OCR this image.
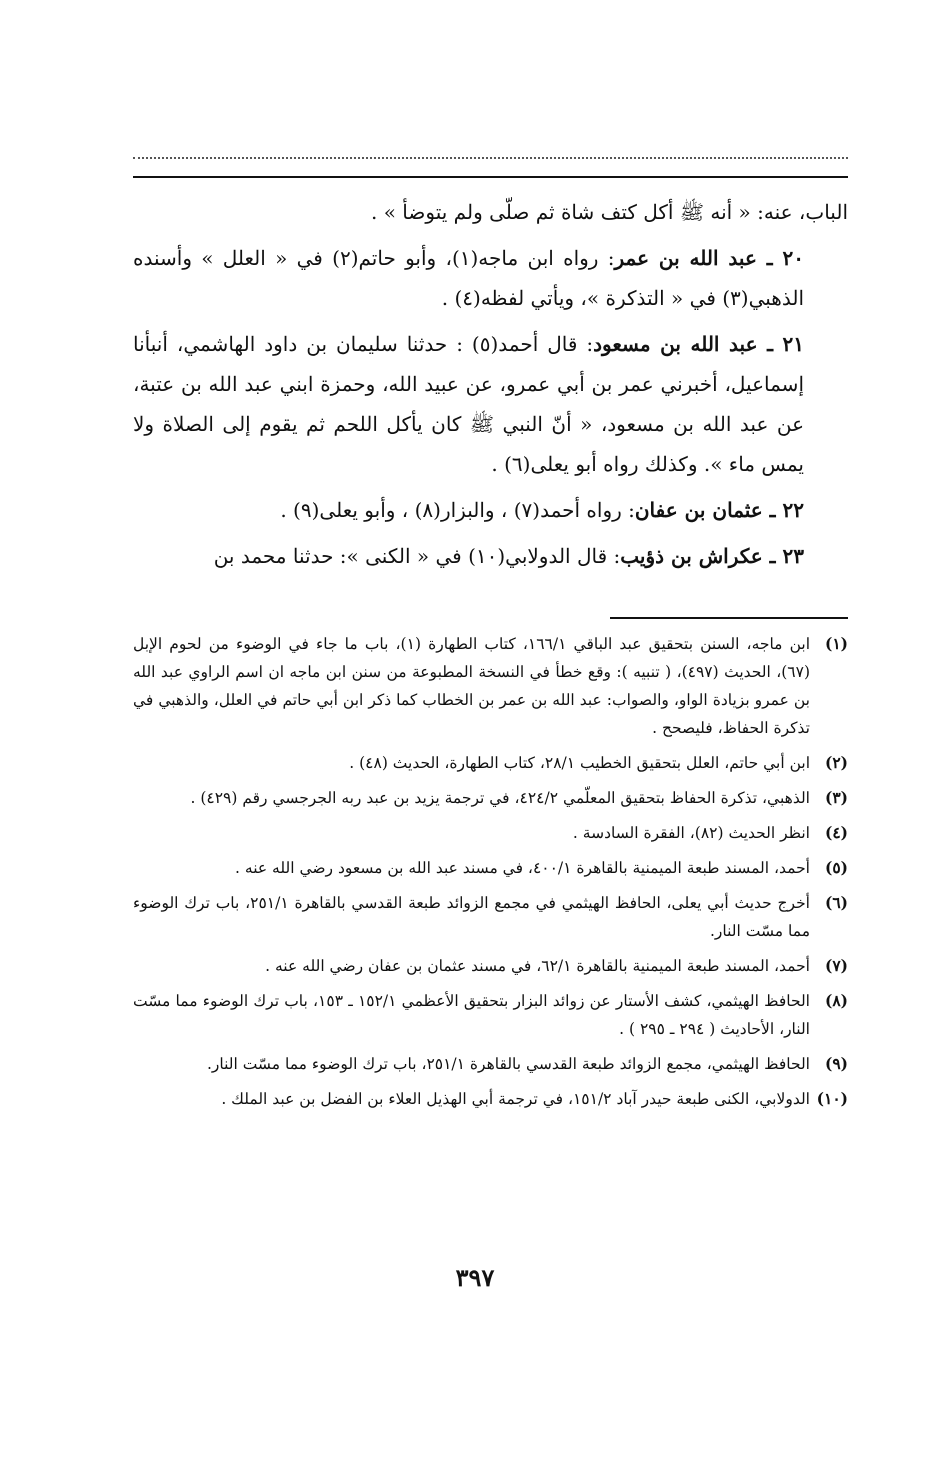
الباب، عنه: « أنه ﷺ أكل كتف شاة ثم صلّى ولم يتوضأ » .

٢٠ ـ عبد الله بن عمر: رواه ابن ماجه(١)، وأبو حاتم(٢) في « العلل » وأسنده الذهبي(٣) في « التذكرة »، ويأتي لفظه(٤) .

٢١ ـ عبد الله بن مسعود: قال أحمد(٥) : حدثنا سليمان بن داود الهاشمي، أنبأنا إسماعيل، أخبرني عمر بن أبي عمرو، عن عبيد الله، وحمزة ابني عبد الله بن عتبة، عن عبد الله بن مسعود، « أنّ النبي ﷺ كان يأكل اللحم ثم يقوم إلى الصلاة ولا يمس ماء ». وكذلك رواه أبو يعلى(٦) .

٢٢ ـ عثمان بن عفان: رواه أحمد(٧) ، والبزار(٨) ، وأبو يعلى(٩) .

٢٣ ـ عكراش بن ذؤيب: قال الدولابي(١٠) في « الكنى »: حدثنا محمد بن

(١)
ابن ماجه، السنن بتحقيق عبد الباقي ١٦٦/١، كتاب الطهارة (١)، باب ما جاء في الوضوء من لحوم الإبل (٦٧)، الحديث (٤٩٧)، ( تنبيه ): وقع خطأ في النسخة المطبوعة من سنن ابن ماجه ان اسم الراوي عبد الله بن عمرو بزيادة الواو، والصواب: عبد الله بن عمر بن الخطاب كما ذكر ابن أبي حاتم في العلل، والذهبي في تذكرة الحفاظ، فليصحح .
(٢)
ابن أبي حاتم، العلل بتحقيق الخطيب ٢٨/١، كتاب الطهارة، الحديث (٤٨) .
(٣)
الذهبي، تذكرة الحفاظ بتحقيق المعلّمي ٤٢٤/٢، في ترجمة يزيد بن عبد ربه الجرجسي رقم (٤٢٩) .
(٤)
انظر الحديث (٨٢)، الفقرة السادسة .
(٥)
أحمد، المسند طبعة الميمنية بالقاهرة ٤٠٠/١، في مسند عبد الله بن مسعود رضي الله عنه .
(٦)
أخرج حديث أبي يعلى، الحافظ الهيثمي في مجمع الزوائد طبعة القدسي بالقاهرة ٢٥١/١، باب ترك الوضوء مما مسّت النار.
(٧)
أحمد، المسند طبعة الميمنية بالقاهرة ٦٢/١، في مسند عثمان بن عفان رضي الله عنه .
(٨)
الحافظ الهيثمي، كشف الأستار عن زوائد البزار بتحقيق الأعظمي ١٥٢/١ ـ ١٥٣، باب ترك الوضوء مما مسّت النار، الأحاديث ( ٢٩٤ ـ ٢٩٥ ) .
(٩)
الحافظ الهيثمي، مجمع الزوائد طبعة القدسي بالقاهرة ٢٥١/١، باب ترك الوضوء مما مسّت النار.
(١٠)
الدولابي، الكنى طبعة حيدر آباد ١٥١/٢، في ترجمة أبي الهذيل العلاء بن الفضل بن عبد الملك .
٣٩٧
